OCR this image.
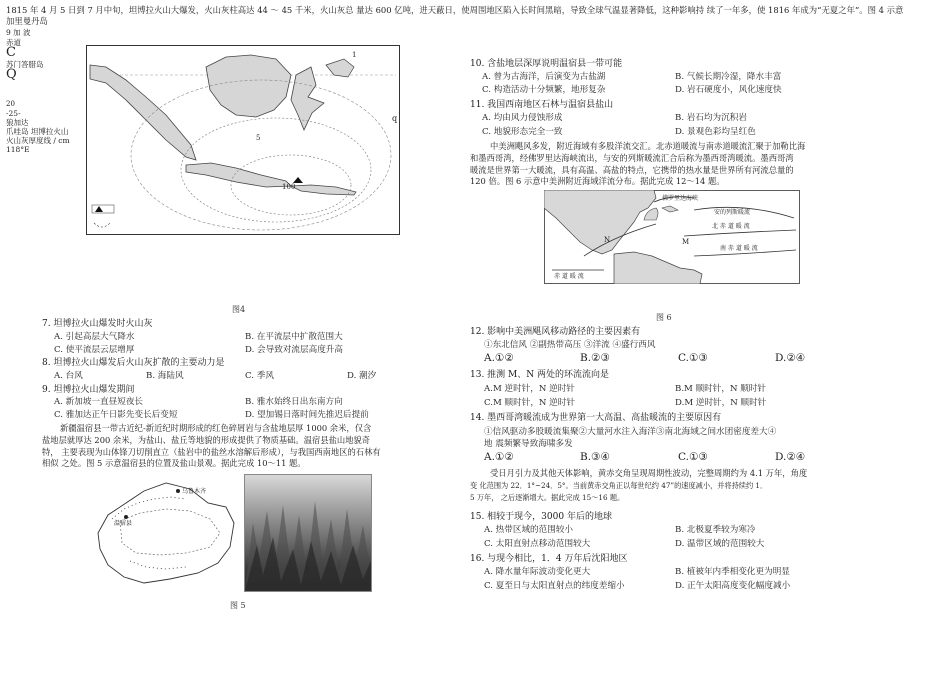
1815 年 4 月 5 日到 7 月中旬，坦博拉火山大爆发，火山灰柱高达 44 ～ 45 千米，火山灰总 量达 600 亿吨，进天蔽日，使周围地区陷入长时间黑暗，导致全球气温显著降低，这种影响持 续了一年多，使 1816 年成为“无夏之年”。图 4 示意
加里曼丹岛
9 加 波
赤道
C
苏门答腊岛
Q
20
-25-
狼加达
爪哇岛 坦博拉火山
火山灰厚度线 / cm
118°E
100
5
q
1
图4
7. 坦博拉火山爆发时火山灰
A. 引起高层大气降水	B. 在平流层中扩散范围大
C. 使平流层云层增厚	D. 会导致对流层高度升高
8. 坦博拉火山爆发后火山灰扩散的主要动力是
A. 台风	B. 海陆风	C. 季风	D. 潮汐
9. 坦博拉火山爆发期间
A. 新加坡一直昼短夜长	B. 雅水始终日出东南方向
C. 雅加达正午日影先变长后变短	D. 望加锡日落时间先推迟后提前
新疆温宿县一带古近纪-新近纪时期形成的红色碎屑岩与含盐地层厚 1000 余米，仅含
盐地层就厚达 200 余米，为盐山、盐丘等地貌的形成提供了物质基础。温宿县盐山地貌奇
特， 主要表现为山体锋刀切削直立（盐岩中的盐丝水溶解后形成），与我国西南地区的石林有
相似 之处。图 5 示意温宿县的位置及盐山景观。据此完成 10～11 题。
乌鲁木齐
温宿县
图 5
10. 含盐地层深厚说明温宿县一带可能
A. 曾为古海洋，后演变为古盐湖	B. 气候长期冷湿，降水丰富
C. 构造活动十分频繁，地形复杂	D. 岩石硬度小，风化速度快
11. 我国西南地区石林与温宿县盐山
A. 均由风力侵蚀形成	B. 岩石均为沉积岩
C. 地貌形态完全一致	D. 景观色彩均呈红色
中美洲飓风多发，附近海域有多股洋流交汇。北赤道暖流与南赤道暖流汇聚于加勒比海
和墨西哥湾，经佛罗里达海峡流出，与安的列斯暖流汇合后称为墨西哥湾暖流。墨西哥湾
暖流是世界第一大暖流，具有高温、高盐的特点，它携带的热水量是世界所有河流总量的
120 倍。图 6 示意中美洲附近海域洋流分布。据此完成 12～14 题。
佛罗里达海峡
安的列斯暖流
北 赤 道 暖 流
南 赤 道 暖 流
赤 道 暖 流
M
N
图 6
12. 影响中美洲飓风移动路径的主要因素有
①东北信风 ②副热带高压 ③洋流 ④盛行西风
A.①②	B.②③	C.①③	D.②④
13. 推测 M、N 两处的环流流向是
A.M 逆时针，N 逆时针	B.M 顺时针，N 顺时针
C.M 顺时针，N 逆时针	D.M 逆时针，N 顺时针
14. 墨西哥湾暖流成为世界第一大高温、高盐暖流的主要原因有
①信风驱动多股暖流集聚②大量河水注入海洋③南北海域之间水团密度差大④
地 震频繁导致海啸多发
A.①②	B.③④	C.①③	D.②④
受日月引力及其他天体影响，黄赤交角呈现周期性波动，完整周期约为 4.1 万年，角度
变 化范围为 22．1°~24．5°。当前黄赤交角正以每世纪约 47”的速度减小，并将持续约 1．
5 万年， 之后逐渐增大。据此完成 15～16 题。
15. 相较于现今，3000 年后的地球
A. 热带区域的范围较小	B. 北极夏季较为寒冷
C. 太阳直射点移动范围较大	D. 温带区域的范围较大
16. 与现今相比，1．4 万年后沈阳地区
A. 降水量年际波动变化更大	B. 植被年内季相变化更为明显
C. 夏至日与太阳直射点的纬度差缩小	D. 正午太阳高度变化幅度减小
